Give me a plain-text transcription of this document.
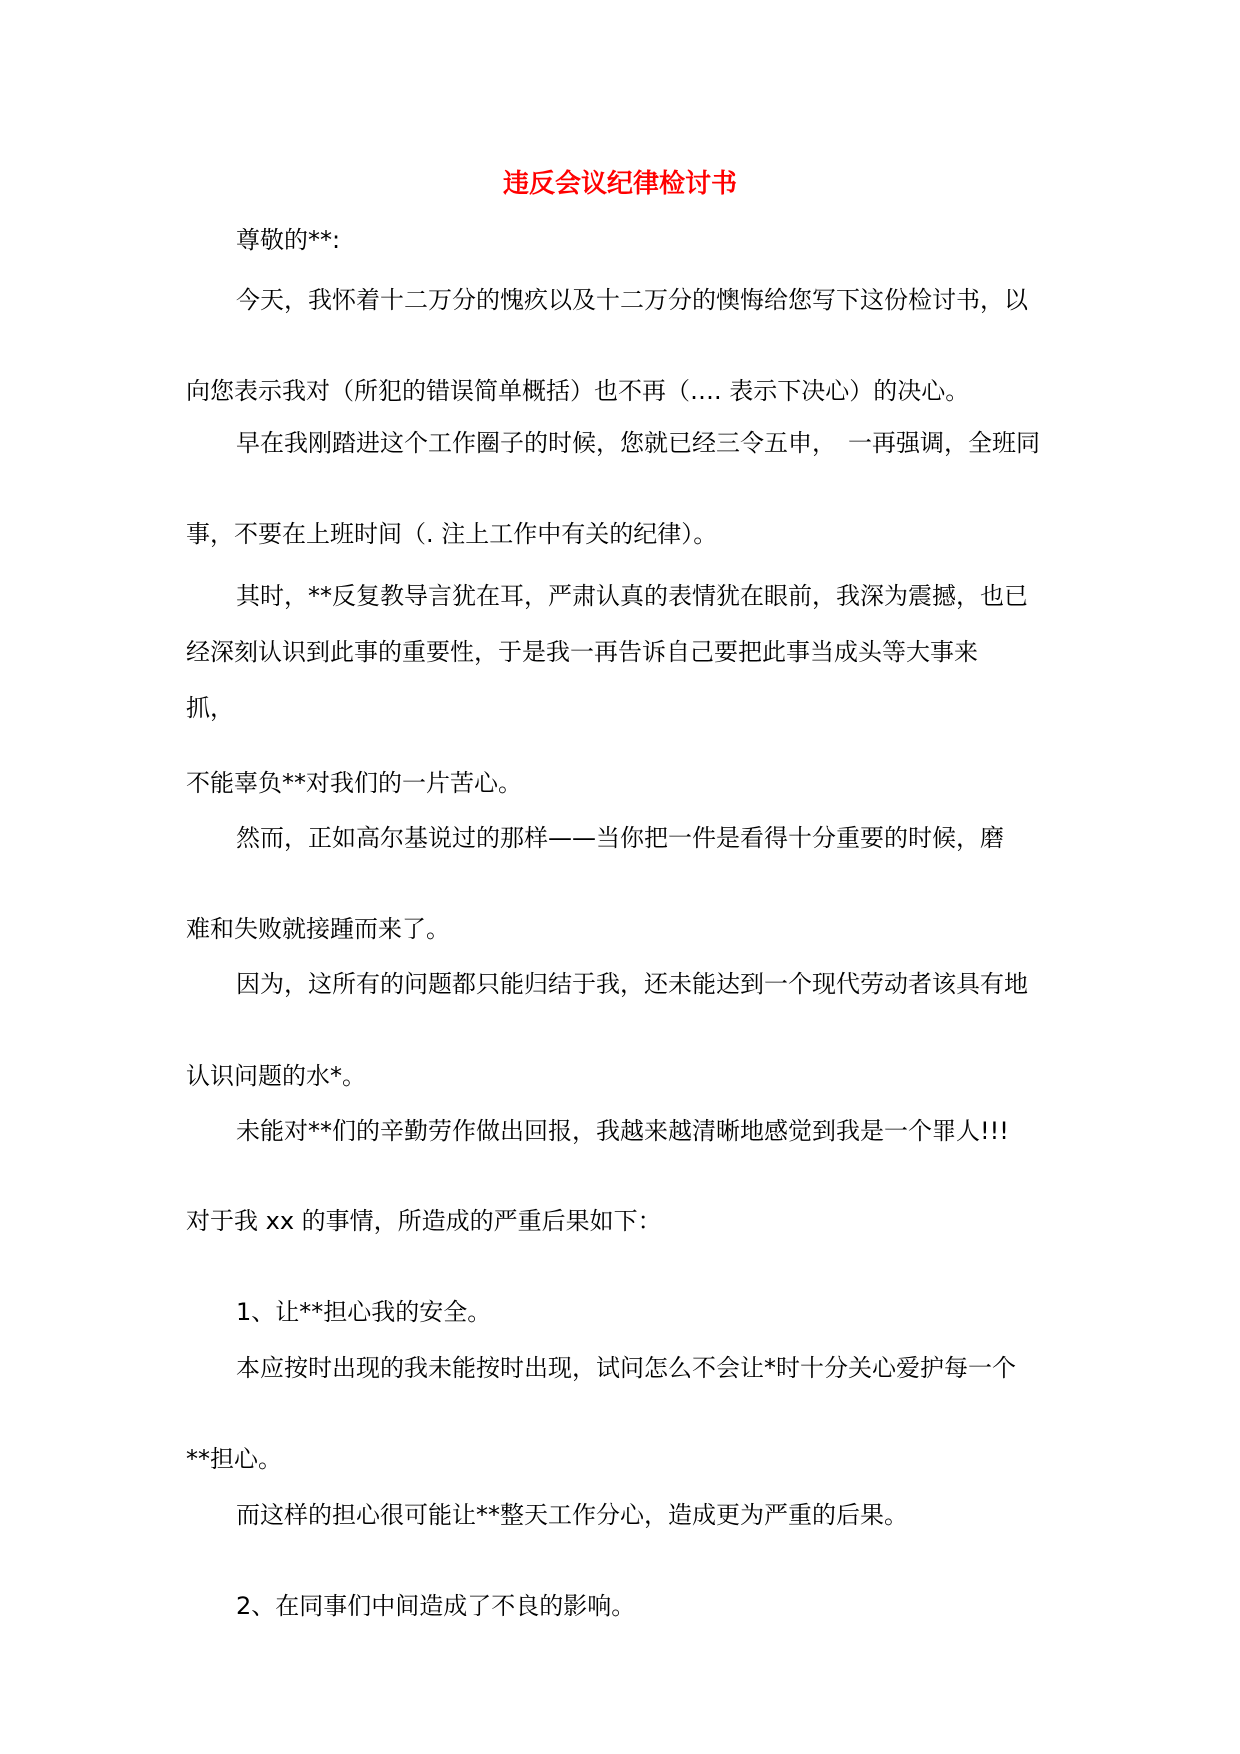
违反会议纪律检讨书
尊敬的**:
今天，我怀着十二万分的愧疚以及十二万分的懊悔给您写下这份检讨书，以
向您表示我对（所犯的错误简单概括）也不再（…. 表示下决心）的决心。
早在我刚踏进这个工作圈子的时候，您就已经三令五申，　一再强调，全班同
事，不要在上班时间（. 注上工作中有关的纪律）。
其时，**反复教导言犹在耳，严肃认真的表情犹在眼前，我深为震撼，也已
经深刻认识到此事的重要性，于是我一再告诉自己要把此事当成头等大事来
抓，
不能辜负**对我们的一片苦心。
然而，正如高尔基说过的那样——当你把一件是看得十分重要的时候，磨
难和失败就接踵而来了。
因为，这所有的问题都只能归结于我，还未能达到一个现代劳动者该具有地
认识问题的水*。
未能对**们的辛勤劳作做出回报，我越来越清晰地感觉到我是一个罪人!!!
对于我 xx 的事情，所造成的严重后果如下：
1、让**担心我的安全。
本应按时出现的我未能按时出现，试问怎么不会让*时十分关心爱护每一个
**担心。
而这样的担心很可能让**整天工作分心，造成更为严重的后果。
2、在同事们中间造成了不良的影响。
